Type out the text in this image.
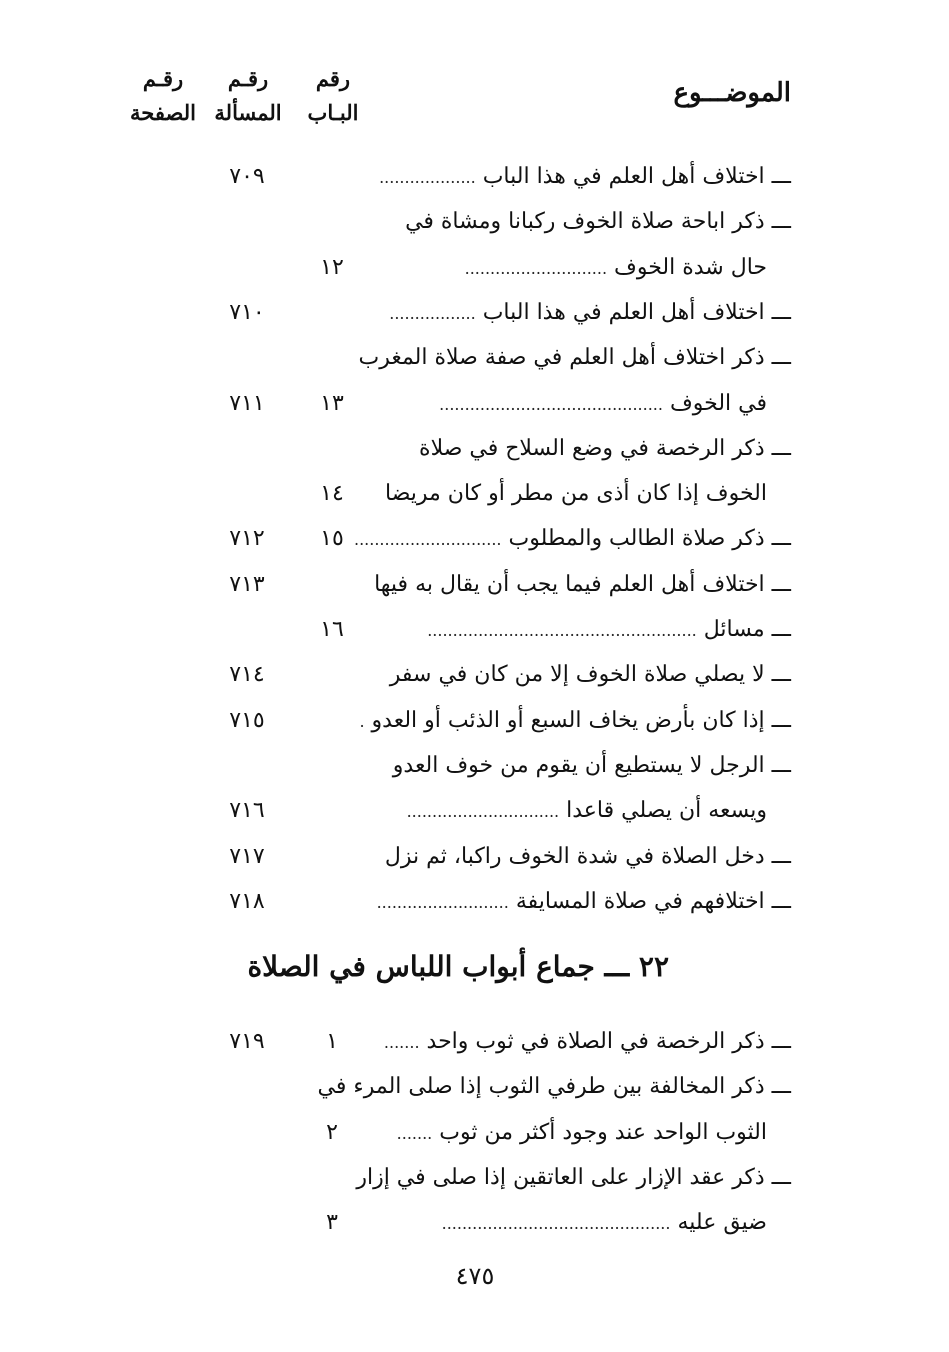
رقم
البـاب
رقـم
المسألة
رقـم
الصفحة
الموضـــوع
ـــ اختلاف أهل العلم في هذا الباب ...................
٧٠٩
ـــ ذكر اباحة صلاة الخوف ركبانا ومشاة في
حال شدة الخوف ............................
١٢
ـــ اختلاف أهل العلم في هذا الباب .................
٧١٠
ـــ ذكر اختلاف أهل العلم في صفة صلاة المغرب
في الخوف ............................................
١٣
٧١١
ـــ ذكر الرخصة في وضع السلاح في صلاة
الخوف إذا كان أذى من مطر أو كان مريضا
١٤
ـــ ذكر صلاة الطالب والمطلوب .............................
١٥
٧١٢
ـــ اختلاف أهل العلم فيما يجب أن يقال به فيها
٧١٣
ـــ مسائل .....................................................
١٦
ـــ لا يصلي صلاة الخوف إلا من كان في سفر
٧١٤
ـــ إذا كان بأرض يخاف السبع أو الذئب أو العدو .
٧١٥
ـــ الرجل لا يستطيع أن يقوم من خوف العدو
ويسعه أن يصلي قاعدا ..............................
٧١٦
ـــ دخل الصلاة في شدة الخوف راكبا، ثم نزل
٧١٧
ـــ اختلافهم في صلاة المسايفة ..........................
٧١٨
٢٢ ـــ جماع أبواب اللباس في الصلاة
ـــ ذكر الرخصة في الصلاة في ثوب واحد .......
١
٧١٩
ـــ ذكر المخالفة بين طرفي الثوب إذا صلى المرء في
الثوب الواحد عند وجود أكثر من ثوب .......
٢
ـــ ذكر عقد الإزار على العاتقين إذا صلى في إزار
ضيق عليه .............................................
٣
٤٧٥
